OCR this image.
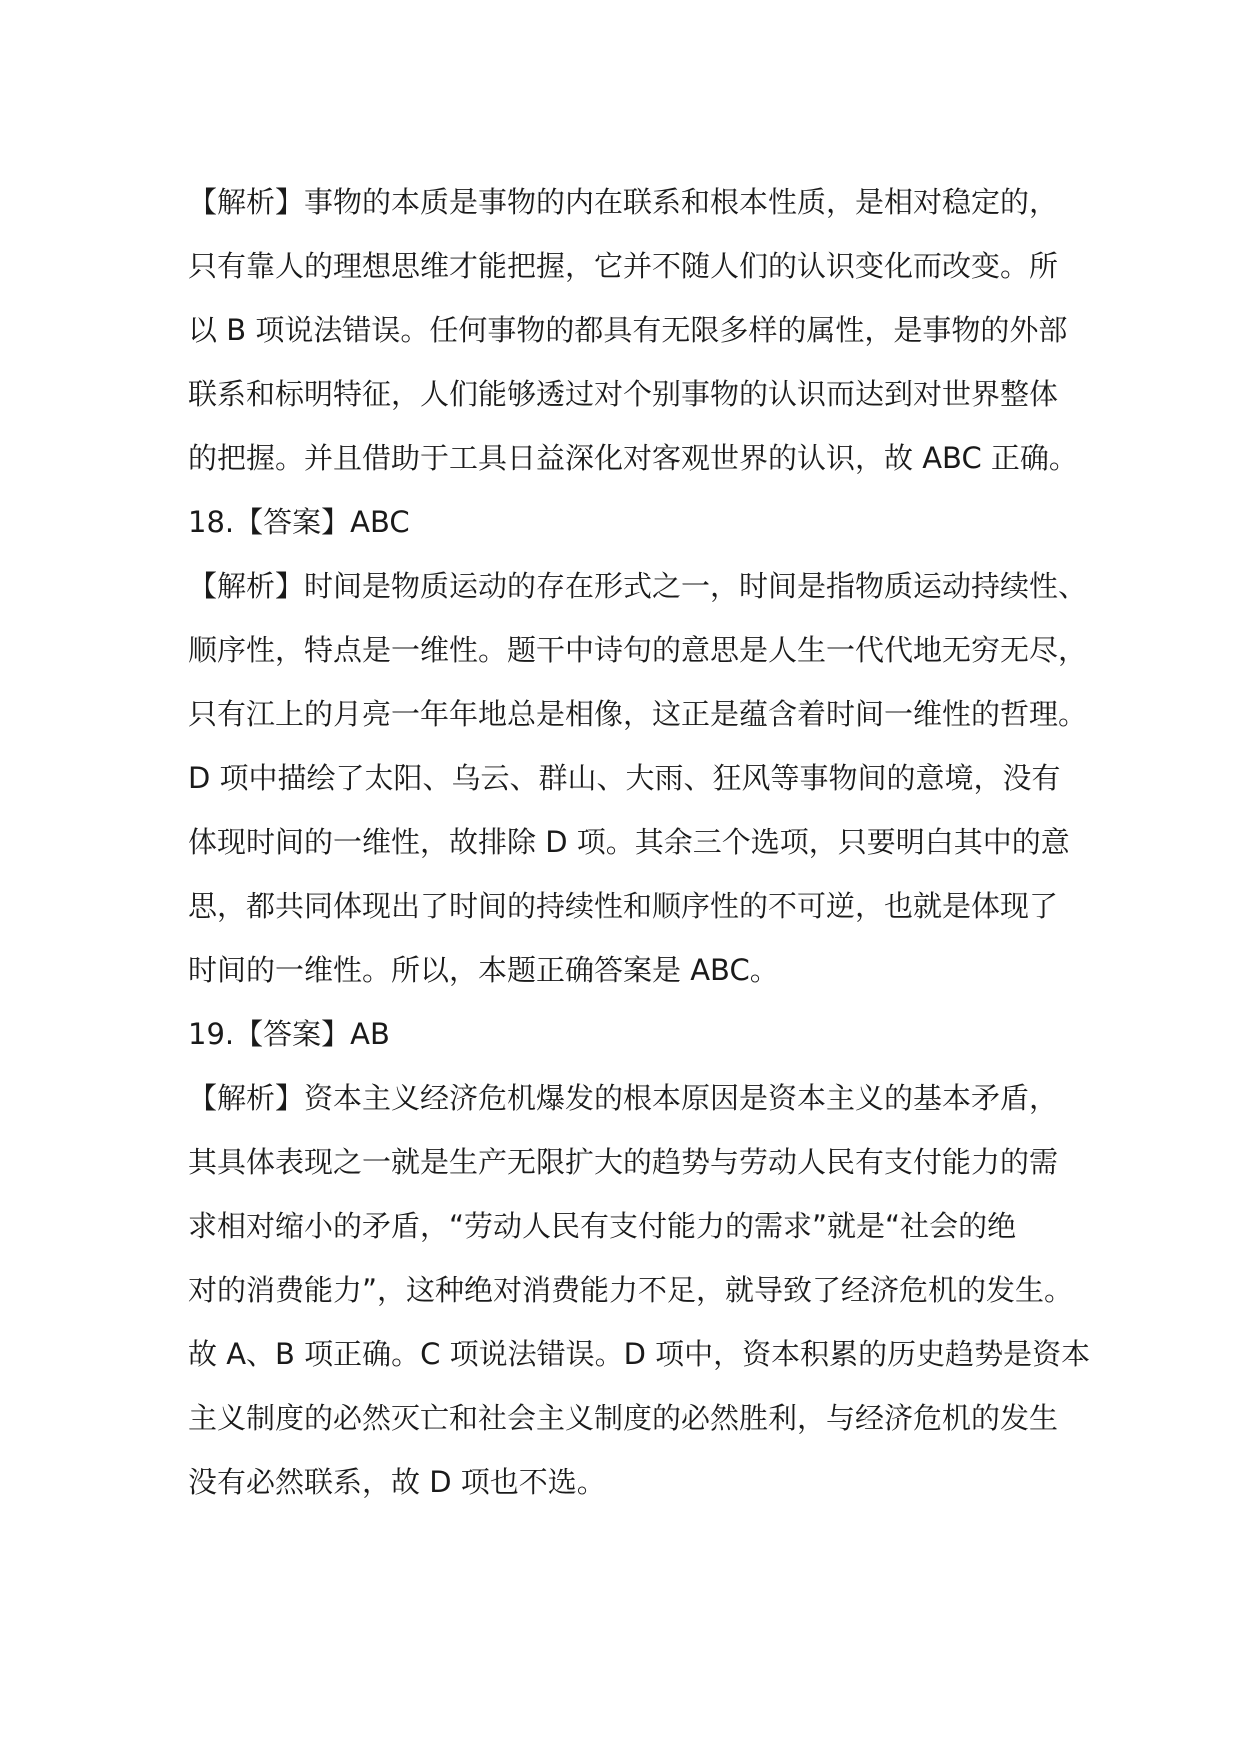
【解析】事物的本质是事物的内在联系和根本性质，是相对稳定的，
只有靠人的理想思维才能把握，它并不随人们的认识变化而改变。所
以 B 项说法错误。任何事物的都具有无限多样的属性，是事物的外部
联系和标明特征，人们能够透过对个别事物的认识而达到对世界整体
的把握。并且借助于工具日益深化对客观世界的认识，故 ABC 正确。
18.【答案】ABC
【解析】时间是物质运动的存在形式之一，时间是指物质运动持续性、
顺序性，特点是一维性。题干中诗句的意思是人生一代代地无穷无尽，
只有江上的月亮一年年地总是相像，这正是蕴含着时间一维性的哲理。
D 项中描绘了太阳、乌云、群山、大雨、狂风等事物间的意境，没有
体现时间的一维性，故排除 D 项。其余三个选项，只要明白其中的意
思，都共同体现出了时间的持续性和顺序性的不可逆，也就是体现了
时间的一维性。所以，本题正确答案是 ABC。
19.【答案】AB
【解析】资本主义经济危机爆发的根本原因是资本主义的基本矛盾，
其具体表现之一就是生产无限扩大的趋势与劳动人民有支付能力的需
求相对缩小的矛盾，“劳动人民有支付能力的需求”就是“社会的绝
对的消费能力”，这种绝对消费能力不足，就导致了经济危机的发生。
故 A、B 项正确。C 项说法错误。D 项中，资本积累的历史趋势是资本
主义制度的必然灭亡和社会主义制度的必然胜利，与经济危机的发生
没有必然联系，故 D 项也不选。
